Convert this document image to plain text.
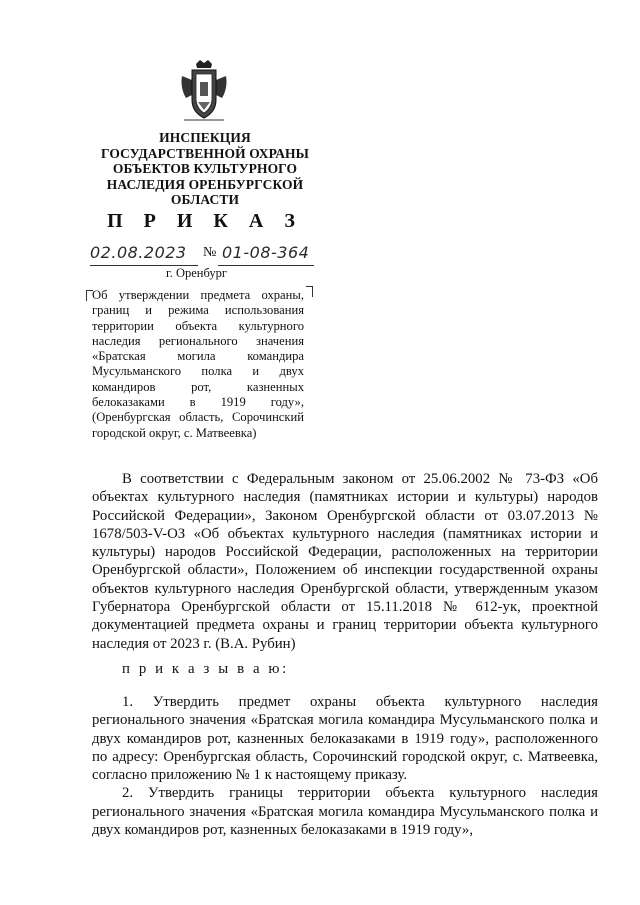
ИНСПЕКЦИЯ
ГОСУДАРСТВЕННОЙ ОХРАНЫ
ОБЪЕКТОВ КУЛЬТУРНОГО
НАСЛЕДИЯ ОРЕНБУРГСКОЙ
ОБЛАСТИ
П Р И К А З
02.08.2023 № 01-08-364
г. Оренбург

Об утверждении предмета охраны, границ и режима использования территории объекта культурного наследия регионального значения «Братская могила командира Мусульманского полка и двух командиров рот, казненных белоказаками в 1919 году», (Оренбургская область, Сорочинский городской округ, с. Матвеевка)

В соответствии с Федеральным законом от 25.06.2002 № 73-ФЗ «Об объектах культурного наследия (памятниках истории и культуры) народов Российской Федерации», Законом Оренбургской области от 03.07.2013 № 1678/503-V-ОЗ «Об объектах культурного наследия (памятниках истории и культуры) народов Российской Федерации, расположенных на территории Оренбургской области», Положением об инспекции государственной охраны объектов культурного наследия Оренбургской области, утвержденным указом Губернатора Оренбургской области от 15.11.2018 № 612-ук, проектной документацией предмета охраны и границ территории объекта культурного наследия от 2023 г. (В.А. Рубин)

п р и к а з ы в а ю:

1. Утвердить предмет охраны объекта культурного наследия регионального значения «Братская могила командира Мусульманского полка и двух командиров рот, казненных белоказаками в 1919 году», расположенного по адресу: Оренбургская область, Сорочинский городской округ, с. Матвеевка, согласно приложению № 1 к настоящему приказу.

2. Утвердить границы территории объекта культурного наследия регионального значения «Братская могила командира Мусульманского полка и двух командиров рот, казненных белоказаками в 1919 году»,
